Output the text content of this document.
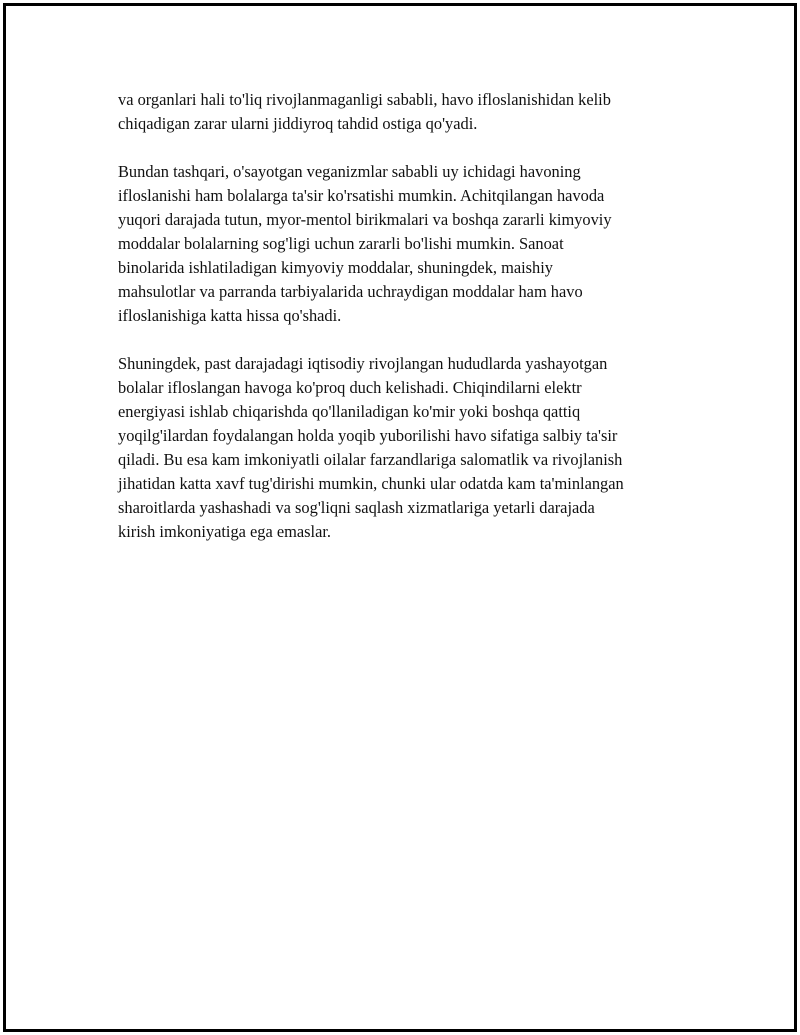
va organlari hali to'liq rivojlanmaganligi sababli, havo ifloslanishidan kelib
chiqadigan zarar ularni jiddiyroq tahdid ostiga qo'yadi.

Bundan tashqari, o'sayotgan veganizmlar sababli uy ichidagi havoning
ifloslanishi ham bolalarga ta'sir ko'rsatishi mumkin. Achitqilangan havoda
yuqori darajada tutun, myor-mentol birikmalari va boshqa zararli kimyoviy
moddalar bolalarning sog'ligi uchun zararli bo'lishi mumkin. Sanoat
binolarida ishlatiladigan kimyoviy moddalar, shuningdek, maishiy
mahsulotlar va parranda tarbiyalarida uchraydigan moddalar ham havo
ifloslanishiga katta hissa qo'shadi.

Shuningdek, past darajadagi iqtisodiy rivojlangan hududlarda yashayotgan
bolalar ifloslangan havoga ko'proq duch kelishadi. Chiqindilarni elektr
energiyasi ishlab chiqarishda qo'llaniladigan ko'mir yoki boshqa qattiq
yoqilg'ilardan foydalangan holda yoqib yuborilishi havo sifatiga salbiy ta'sir
qiladi. Bu esa kam imkoniyatli oilalar farzandlariga salomatlik va rivojlanish
jihatidan katta xavf tug'dirishi mumkin, chunki ular odatda kam ta'minlangan
sharoitlarda yashashadi va sog'liqni saqlash xizmatlariga yetarli darajada
kirish imkoniyatiga ega emaslar.
